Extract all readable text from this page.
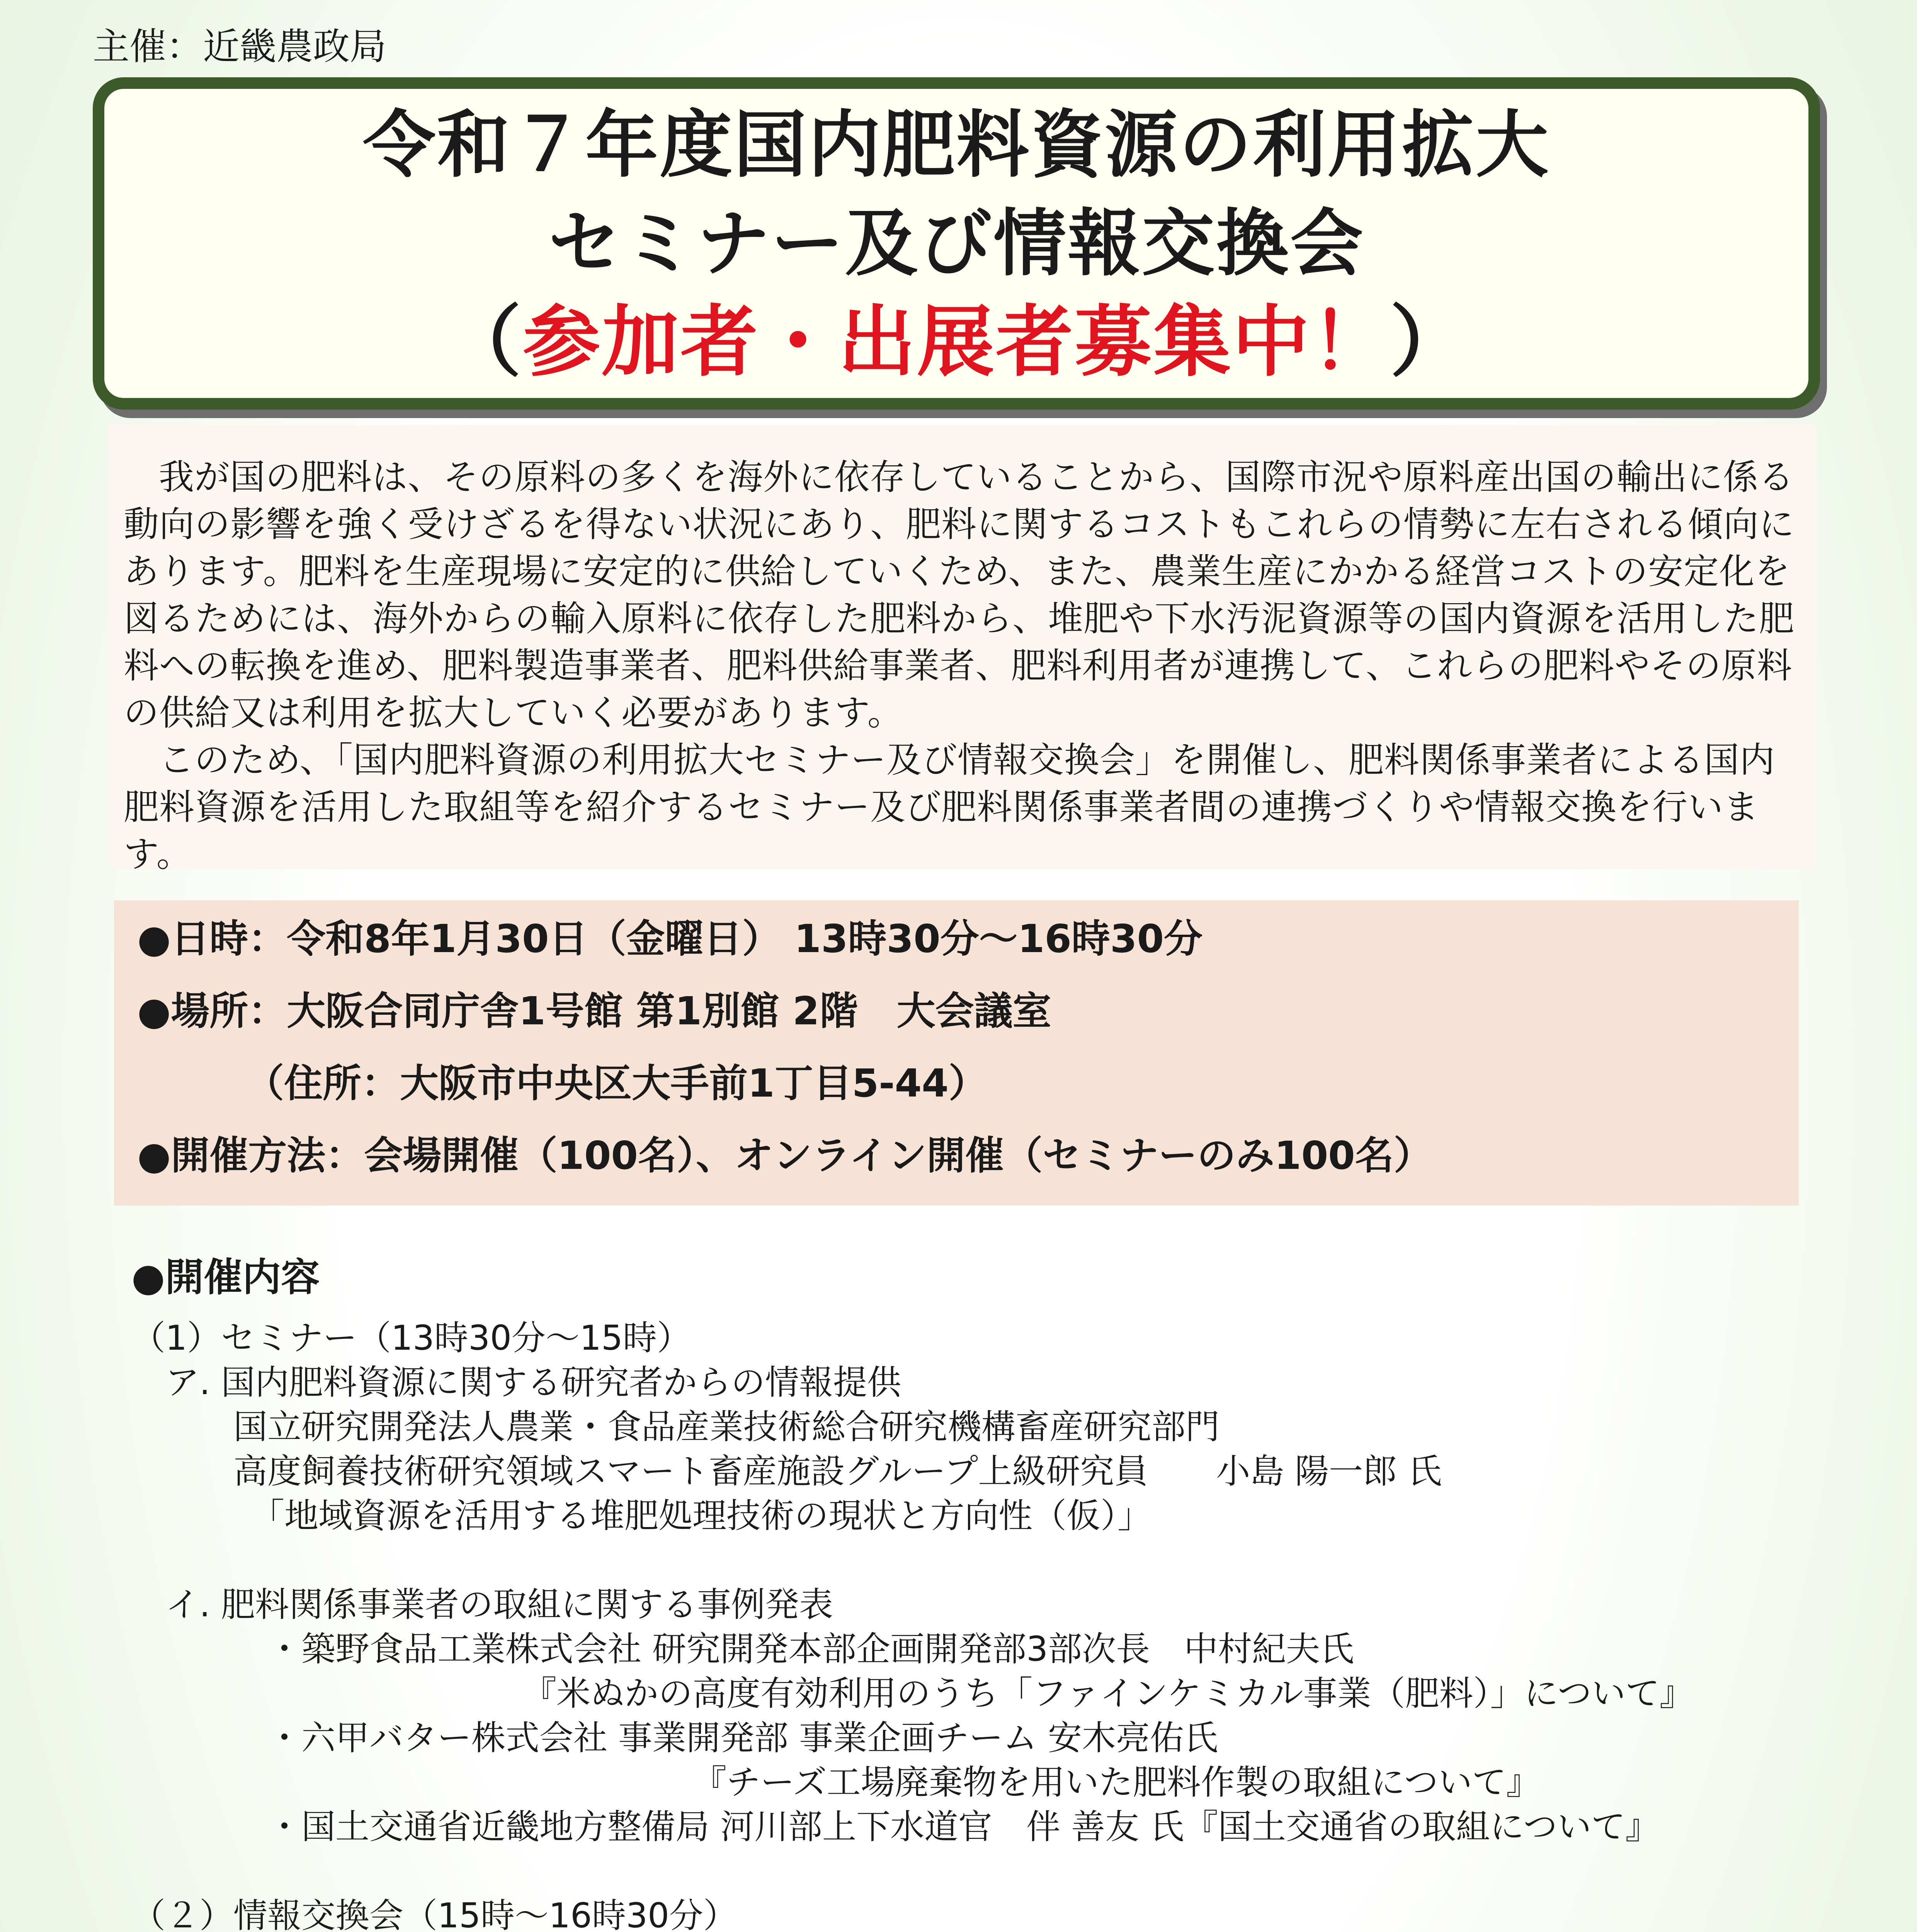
主催：近畿農政局
令和７年度国内肥料資源の利用拡大
セミナー及び情報交換会
（参加者・出展者募集中！）

我が国の肥料は、その原料の多くを海外に依存していることから、国際市況や原料産出国の輸出に係る動向の影響を強く受けざるを得ない状況にあり、肥料に関するコストもこれらの情勢に左右される傾向にあります。肥料を生産現場に安定的に供給していくため、また、農業生産にかかる経営コストの安定化を図るためには、海外からの輸入原料に依存した肥料から、堆肥や下水汚泥資源等の国内資源を活用した肥料への転換を進め、肥料製造事業者、肥料供給事業者、肥料利用者が連携して、これらの肥料やその原料の供給又は利用を拡大していく必要があります。

このため、「国内肥料資源の利用拡大セミナー及び情報交換会」を開催し、肥料関係事業者による国内肥料資源を活用した取組等を紹介するセミナー及び肥料関係事業者間の連携づくりや情報交換を行います。

●日時：令和8年1月30日（金曜日） 13時30分～16時30分
●場所：大阪合同庁舎1号館 第1別館 2階　大会議室
（住所：大阪市中央区大手前1丁目5-44）
●開催方法：会場開催（100名）、オンライン開催（セミナーのみ100名）
●開催内容
（1）セミナー（13時30分～15時）
　ア. 国内肥料資源に関する研究者からの情報提供
　　　国立研究開発法人農業・食品産業技術総合研究機構畜産研究部門
　　　高度飼養技術研究領域スマート畜産施設グループ上級研究員　　小島 陽一郎 氏
　　　　「地域資源を活用する堆肥処理技術の現状と方向性（仮）」
　イ. 肥料関係事業者の取組に関する事例発表
　　　　・築野食品工業株式会社 研究開発本部企画開発部3部次長　中村紀夫氏
　　　　　　　　　　　　『米ぬかの高度有効利用のうち「ファインケミカル事業（肥料）」について』
　　　　・六甲バター株式会社 事業開発部 事業企画チーム 安木亮佑氏
　　　　　　　　　　　　　　　　　『チーズ工場廃棄物を用いた肥料作製の取組について』
　　　　・国土交通省近畿地方整備局 河川部上下水道官　伴 善友 氏『国土交通省の取組について』
（２）情報交換会（15時～16時30分）
